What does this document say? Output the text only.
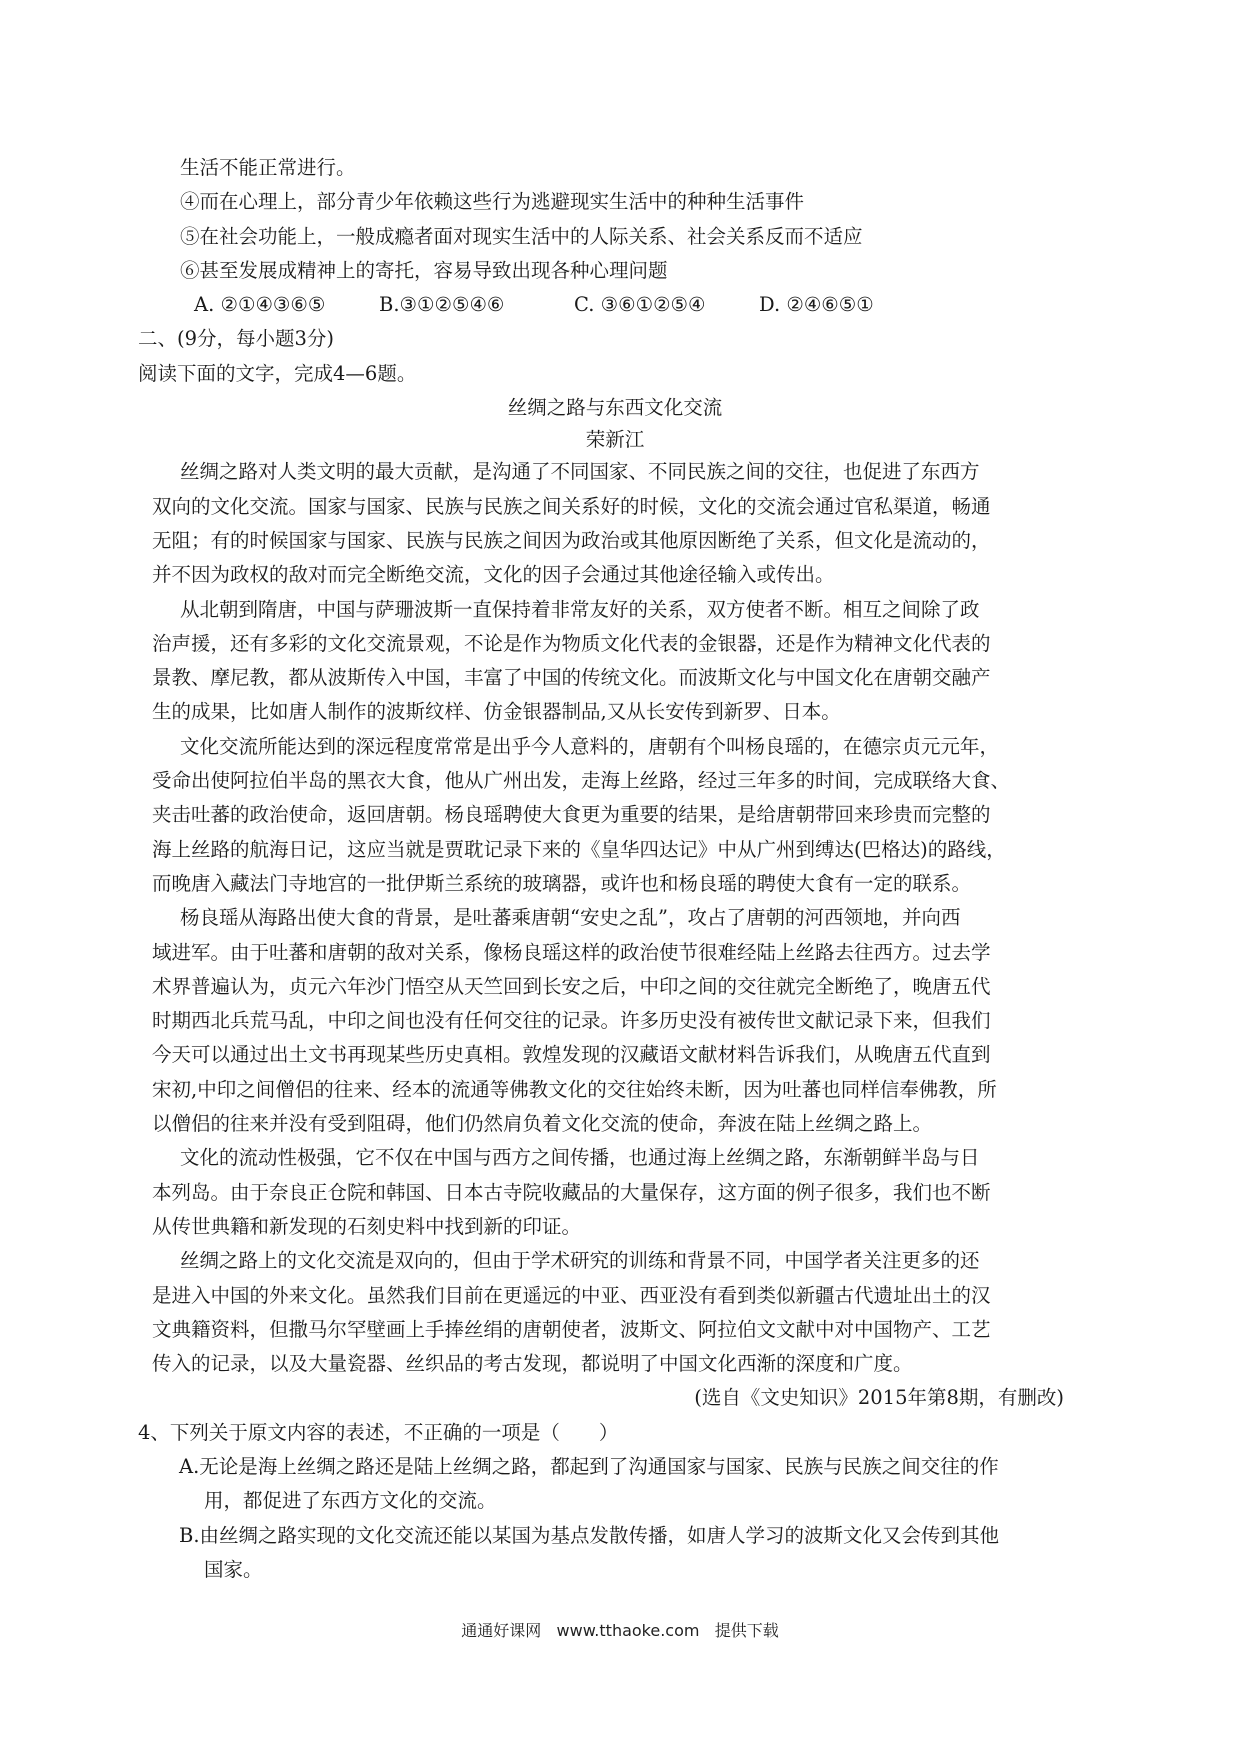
生活不能正常进行。
④而在心理上，部分青少年依赖这些行为逃避现实生活中的种种生活事件
⑤在社会功能上，一般成瘾者面对现实生活中的人际关系、社会关系反而不适应
⑥甚至发展成精神上的寄托，容易导致出现各种心理问题
A. ②①④③⑥⑤	B.③①②⑤④⑥	C. ③⑥①②⑤④	D. ②④⑥⑤①
二、(9分，每小题3分)
阅读下面的文字，完成4—6题。
丝绸之路与东西文化交流
荣新江
丝绸之路对人类文明的最大贡献，是沟通了不同国家、不同民族之间的交往，也促进了东西方
双向的文化交流。国家与国家、民族与民族之间关系好的时候，文化的交流会通过官私渠道，畅通
无阻；有的时候国家与国家、民族与民族之间因为政治或其他原因断绝了关系，但文化是流动的，
并不因为政权的敌对而完全断绝交流，文化的因子会通过其他途径输入或传出。
从北朝到隋唐，中国与萨珊波斯一直保持着非常友好的关系，双方使者不断。相互之间除了政
治声援，还有多彩的文化交流景观，不论是作为物质文化代表的金银器，还是作为精神文化代表的
景教、摩尼教，都从波斯传入中国，丰富了中国的传统文化。而波斯文化与中国文化在唐朝交融产
生的成果，比如唐人制作的波斯纹样、仿金银器制品,又从长安传到新罗、日本。
文化交流所能达到的深远程度常常是出乎今人意料的，唐朝有个叫杨良瑶的，在德宗贞元元年，
受命出使阿拉伯半岛的黑衣大食，他从广州出发，走海上丝路，经过三年多的时间，完成联络大食、
夹击吐蕃的政治使命，返回唐朝。杨良瑶聘使大食更为重要的结果，是给唐朝带回来珍贵而完整的
海上丝路的航海日记，这应当就是贾耽记录下来的《皇华四达记》中从广州到缚达(巴格达)的路线，
而晚唐入藏法门寺地宫的一批伊斯兰系统的玻璃器，或许也和杨良瑶的聘使大食有一定的联系。
杨良瑶从海路出使大食的背景，是吐蕃乘唐朝“安史之乱”，攻占了唐朝的河西领地，并向西
域进军。由于吐蕃和唐朝的敌对关系，像杨良瑶这样的政治使节很难经陆上丝路去往西方。过去学
术界普遍认为，贞元六年沙门悟空从天竺回到长安之后，中印之间的交往就完全断绝了，晚唐五代
时期西北兵荒马乱，中印之间也没有任何交往的记录。许多历史没有被传世文献记录下来，但我们
今天可以通过出土文书再现某些历史真相。敦煌发现的汉藏语文献材料告诉我们，从晚唐五代直到
宋初,中印之间僧侣的往来、经本的流通等佛教文化的交往始终未断，因为吐蕃也同样信奉佛教，所
以僧侣的往来并没有受到阻碍，他们仍然肩负着文化交流的使命，奔波在陆上丝绸之路上。
文化的流动性极强，它不仅在中国与西方之间传播，也通过海上丝绸之路，东渐朝鲜半岛与日
本列岛。由于奈良正仓院和韩国、日本古寺院收藏品的大量保存，这方面的例子很多，我们也不断
从传世典籍和新发现的石刻史料中找到新的印证。
丝绸之路上的文化交流是双向的，但由于学术研究的训练和背景不同，中国学者关注更多的还
是进入中国的外来文化。虽然我们目前在更遥远的中亚、西亚没有看到类似新疆古代遗址出土的汉
文典籍资料，但撒马尔罕壁画上手捧丝绢的唐朝使者，波斯文、阿拉伯文文献中对中国物产、工艺
传入的记录，以及大量瓷器、丝织品的考古发现，都说明了中国文化西渐的深度和广度。
(选自《文史知识》2015年第8期，有删改)
4、下列关于原文内容的表述，不正确的一项是（　　）
A.无论是海上丝绸之路还是陆上丝绸之路，都起到了沟通国家与国家、民族与民族之间交往的作
用，都促进了东西方文化的交流。
B.由丝绸之路实现的文化交流还能以某国为基点发散传播，如唐人学习的波斯文化又会传到其他
国家。
通通好课网 www.tthaoke.com 提供下载
